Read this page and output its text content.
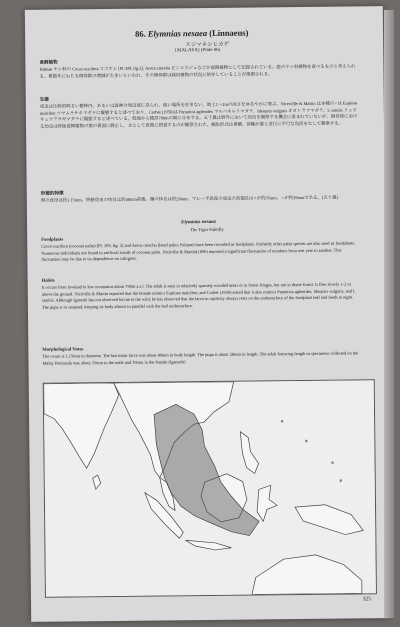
86. Elymnias nesaea (Linnaeus)
スジマネシヒカゲ
[MALAYA] [Plate 86]
食餌植物
Palmae ヤシ科の Cocos nucifera ココヤシ [Pl.309, fig.2], Areca catechu ビンロウジュなどが食餌植物として記録されている。庭のヤシ科植物を食べるものと考えられる。複数年にわたる個体数の増減が大きいといわれ、その個体群は栽培植物の状況に依存していることが推測される。
生態
成虫は比較的明るい樹林内、あるいは森林の周辺部に見られ、暗い場所を好まない。地上1〜2mの高さをゆるやかに飛ぶ。Nicevillle & Martin は本種の♀は Euploea mulciber ツマムラサキマダラに擬態すると述べており、Corbet (1956)は Parantica agleoides マルバネルリマダラ、Ideopsis vulgaris オオトラフマダラ、I. similis リュウキュウアサギマダラに擬態すると述べている。低地から標高700mの間に分布する。五十嵐は野外において幼虫を観察する機会に恵まれていないが、飼育時における幼虫は終始食餌植物の葉の裏面に静止し、主として夜間に摂食するのが観察された。蛹化形式は垂蛹。体軸が葉と並行に平行な角度をなして懸垂する。
形態的特徴
卵の直径は約1.15mm。終齢幼虫の体長は約48mm前後。蛹の体長は約28mm。マレー半島産の成虫の前翅長は♂が約35mm、♀が約39mmである。(五十嵐)
Elymnias nesaea
The Tiger Palmfly
Foodplants
Cocos nucifera (coconut palm) [Pl. 309, fig. 2] and Areca catechu (betel palm; Palmae) have been recorded as foodplants. Probably other palm species are also used as foodplants. Numerous individuals are found in artificial stands of coconut palm. Nicéville & Martin(1896) reported a significant fluctuation of numbers from one year to another. This fluctuation may be due to its dependence on cultigens.
Habits
It occurs from lowland to low mountains about 700m a.s.l. The adult is seen in relatively sparsely wooded areas or in forest fringes, but not in dense forest. It flies slowly 1-2 m above the ground. Nicéville & Martin reported that the female mimics Euploea mulciber, and Corbet (1956) stated that it also mimics Parantica agleoides, Ideopsis vulgaris, and I. similis. Although Igarashi has not observed larvae in the wild, he has observed that the larva in captivity always rests on the undersurface of the foodplant leaf and feeds at night. The pupa is in suspend, keeping its body almost in parallel with the leaf undersurface.
Morphological Notes
The ovum is 1.15mm in diameter. The last instar larva was about 48mm in body length. The pupa is about 28mm in length. The adult forewing length in specimens collected on the Malay Peninsula was about 35mm in the male and 39mm in the female (Igarashi)
325
